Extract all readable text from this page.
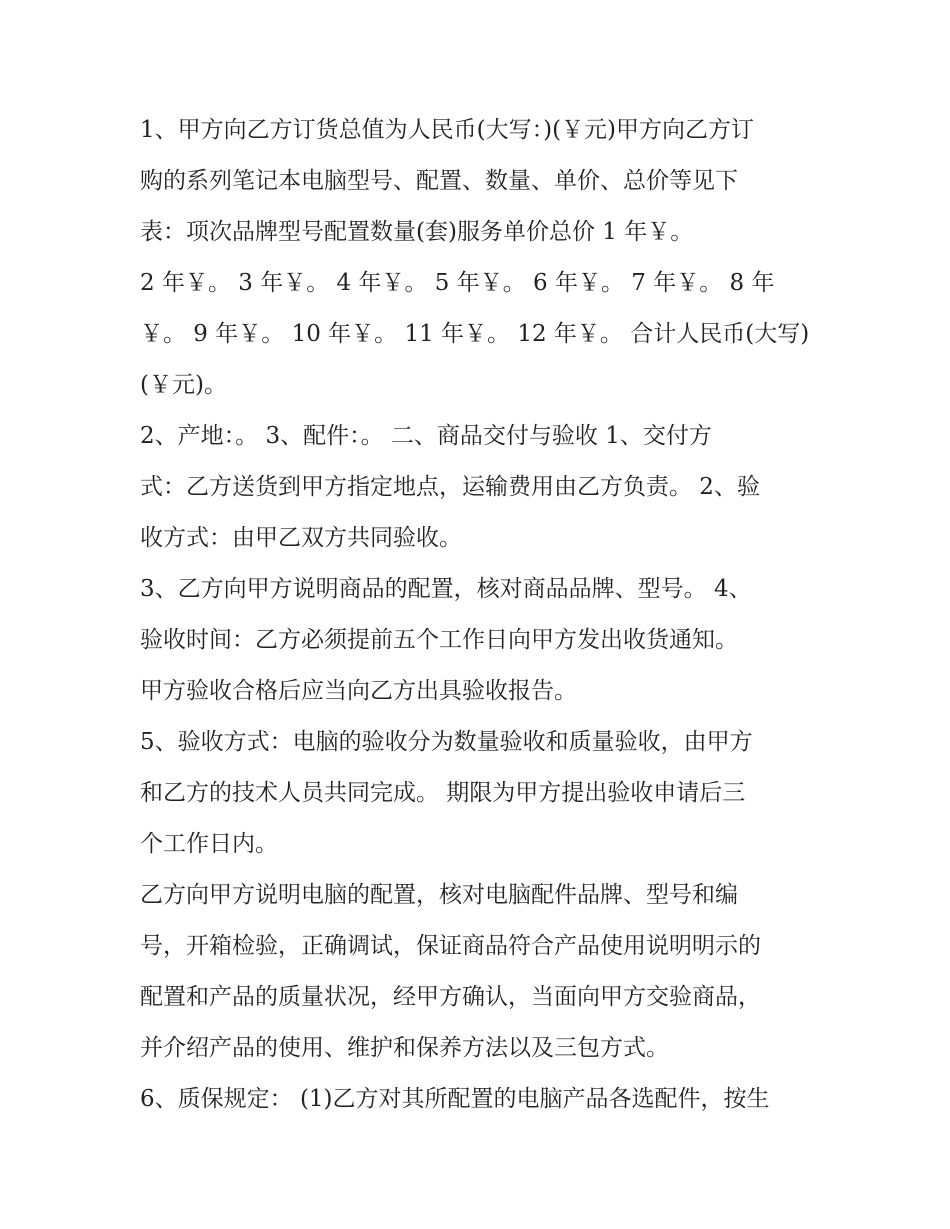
1、甲方向乙方订货总值为人民币(大写：)(￥元)甲方向乙方订
购的系列笔记本电脑型号、配置、数量、单价、总价等见下
表：项次品牌型号配置数量(套)服务单价总价 1 年￥。
2 年￥。 3 年￥。 4 年￥。 5 年￥。 6 年￥。 7 年￥。 8 年
￥。 9 年￥。 10 年￥。 11 年￥。 12 年￥。 合计人民币(大写)
(￥元)。
2、产地：。 3、配件：。 二、商品交付与验收 1、交付方
式：乙方送货到甲方指定地点，运输费用由乙方负责。 2、验
收方式：由甲乙双方共同验收。
3、乙方向甲方说明商品的配置，核对商品品牌、型号。 4、
验收时间：乙方必须提前五个工作日向甲方发出收货通知。
甲方验收合格后应当向乙方出具验收报告。
5、验收方式：电脑的验收分为数量验收和质量验收，由甲方
和乙方的技术人员共同完成。 期限为甲方提出验收申请后三
个工作日内。
乙方向甲方说明电脑的配置，核对电脑配件品牌、型号和编
号，开箱检验，正确调试，保证商品符合产品使用说明明示的
配置和产品的质量状况，经甲方确认，当面向甲方交验商品，
并介绍产品的使用、维护和保养方法以及三包方式。
6、质保规定： (1)乙方对其所配置的电脑产品各选配件，按生
